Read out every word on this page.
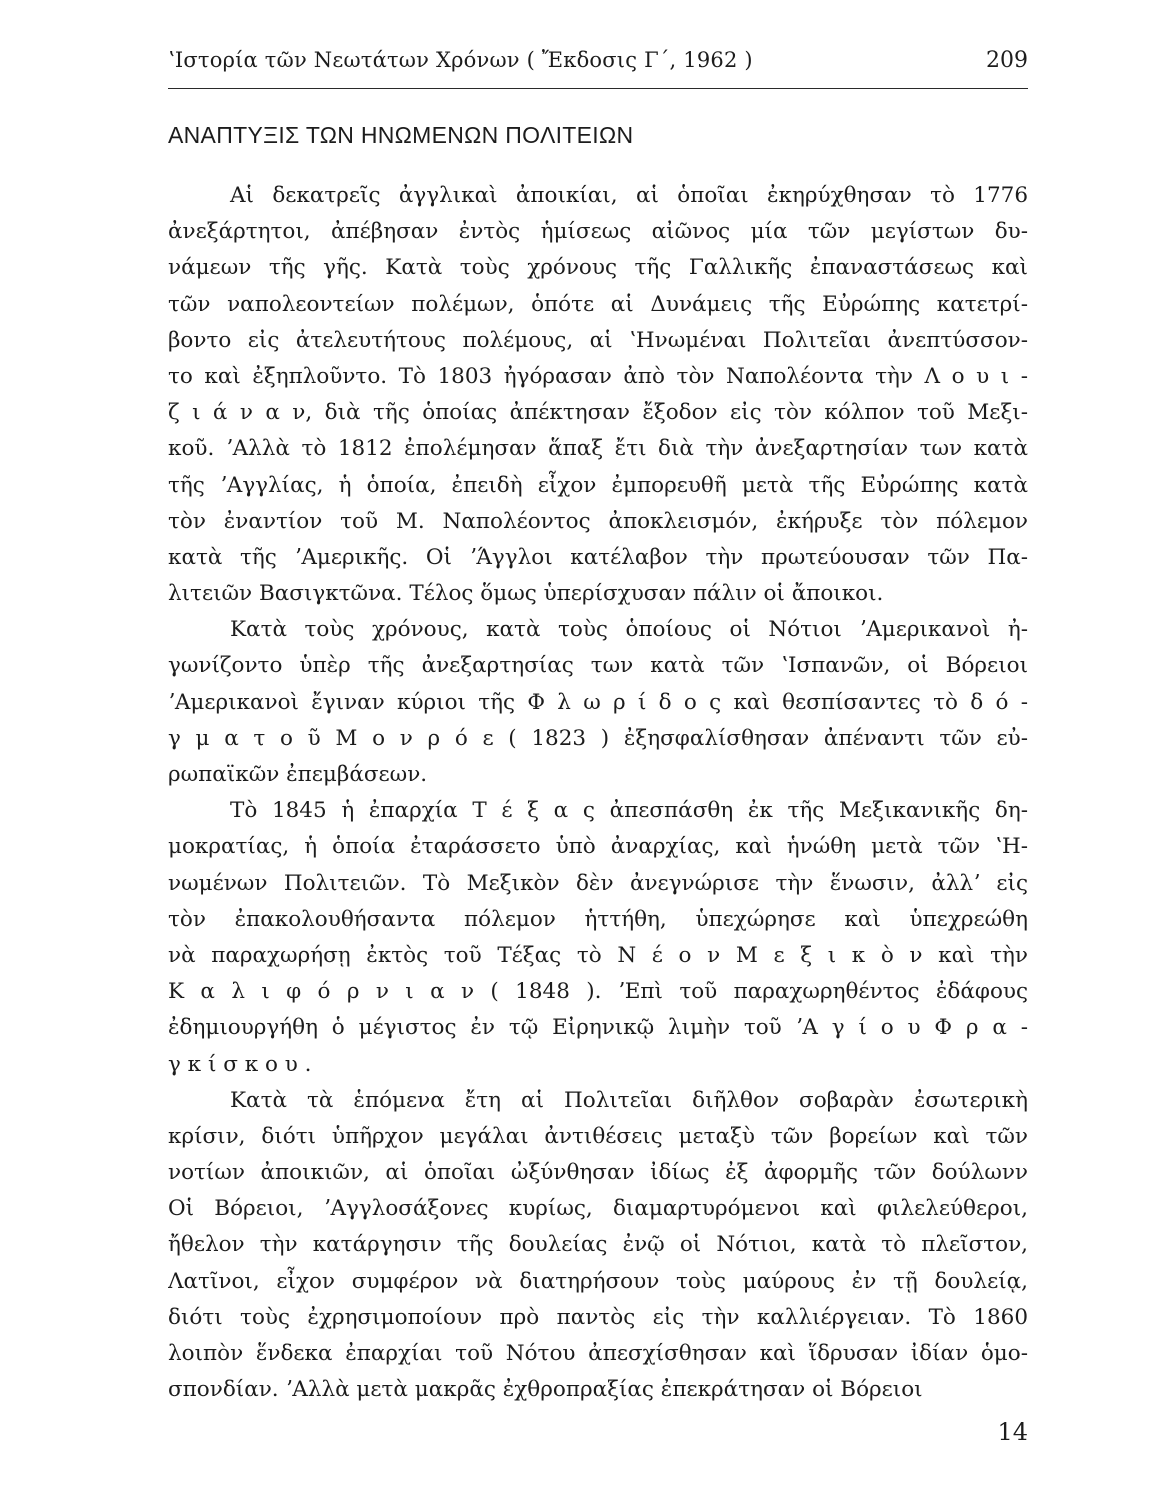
ʽΙστορία τῶν Νεωτάτων Χρόνων ( Ἔκδοσις Γ΄, 1962 )	209
ΑΝΑΠΤΥΞΙΣ ΤΩΝ ΗΝΩΜΕΝΩΝ ΠΟΛΙΤΕΙΩΝ
Αἱ δεκατρεῖς ἀγγλικαὶ ἀποικίαι, αἱ ὁποῖαι ἐκηρύχθησαν τὸ 1776
ἀνεξάρτητοι, ἀπέβησαν ἐντὸς ἡμίσεως αἰῶνος μία τῶν μεγίστων δυ-
νάμεων τῆς γῆς. Κατὰ τοὺς χρόνους τῆς Γαλλικῆς ἐπαναστάσεως καὶ
τῶν ναπολεοντείων πολέμων, ὁπότε αἱ Δυνάμεις τῆς Εὐρώπης κατετρί-
βοντο εἰς ἀτελευτήτους πολέμους, αἱ ʽΗνωμέναι Πολιτεῖαι ἀνεπτύσσον-
το καὶ ἐξηπλοῦντο. Τὸ 1803 ἠγόρασαν ἀπὸ τὸν Ναπολέοντα τὴν Λ ο υ ι -
ζ ι ά ν α ν, διὰ τῆς ὁποίας ἀπέκτησαν ἔξοδον εἰς τὸν κόλπον τοῦ Μεξι-
κοῦ. ʼΑλλὰ τὸ 1812 ἐπολέμησαν ἅπαξ ἔτι διὰ τὴν ἀνεξαρτησίαν των κατὰ
τῆς ʼΑγγλίας, ἡ ὁποία, ἐπειδὴ εἶχον ἐμπορευθῆ μετὰ τῆς Εὐρώπης κατὰ
τὸν ἐναντίον τοῦ Μ. Ναπολέοντος ἀποκλεισμόν, ἐκήρυξε τὸν πόλεμον
κατὰ τῆς ʼΑμερικῆς. Οἱ ʼΆγγλοι κατέλαβον τὴν πρωτεύουσαν τῶν Πα-
λιτειῶν Βασιγκτῶνα. Τέλος ὅμως ὑπερίσχυσαν πάλιν οἱ ἄποικοι.
Κατὰ τοὺς χρόνους, κατὰ τοὺς ὁποίους οἱ Νότιοι ʼΑμερικανοὶ ἠ-
γωνίζοντο ὑπὲρ τῆς ἀνεξαρτησίας των κατὰ τῶν ʽΙσπανῶν, οἱ Βόρειοι
ʼΑμερικανοὶ ἔγιναν κύριοι τῆς Φ λ ω ρ ί δ ο ς καὶ θεσπίσαντες τὸ δ ό -
γ μ α τ ο ῦ Μ ο ν ρ ό ε ( 1823 ) ἐξησφαλίσθησαν ἀπέναντι τῶν εὐ-
ρωπαϊκῶν ἐπεμβάσεων.
Τὸ 1845 ἡ ἐπαρχία Τ έ ξ α ς ἀπεσπάσθη ἐκ τῆς Μεξικανικῆς δη-
μοκρατίας, ἡ ὁποία ἐταράσσετο ὑπὸ ἀναρχίας, καὶ ἡνώθη μετὰ τῶν ʽΗ-
νωμένων Πολιτειῶν. Τὸ Μεξικὸν δὲν ἀνεγνώρισε τὴν ἕνωσιν, ἀλλʼ εἰς
τὸν ἐπακολουθήσαντα πόλεμον ἡττήθη, ὑπεχώρησε καὶ ὑπεχρεώθη
νὰ παραχωρήσῃ ἐκτὸς τοῦ Τέξας τὸ Ν έ ο ν Μ ε ξ ι κ ὸ ν καὶ τὴν
Κ α λ ι φ ό ρ ν ι α ν ( 1848 ). ʼΕπὶ τοῦ παραχωρηθέντος ἐδάφους
ἐδημιουργήθη ὁ μέγιστος ἐν τῷ Εἰρηνικῷ λιμὴν τοῦ ʼΑ γ ί ο υ Φ ρ α -
γ κ ί σ κ ο υ .
Κατὰ τὰ ἑπόμενα ἔτη αἱ Πολιτεῖαι διῆλθον σοβαρὰν ἐσωτερικὴ
κρίσιν, διότι ὑπῆρχον μεγάλαι ἀντιθέσεις μεταξὺ τῶν βορείων καὶ τῶν
νοτίων ἀποικιῶν, αἱ ὁποῖαι ὠξύνθησαν ἰδίως ἐξ ἀφορμῆς τῶν δούλωνν
Οἱ Βόρειοι, ʼΑγγλοσάξονες κυρίως, διαμαρτυρόμενοι καὶ φιλελεύθεροι,
ἤθελον τὴν κατάργησιν τῆς δουλείας ἐνῷ οἱ Νότιοι, κατὰ τὸ πλεῖστον,
Λατῖνοι, εἶχον συμφέρον νὰ διατηρήσουν τοὺς μαύρους ἐν τῇ δουλείᾳ,
διότι τοὺς ἐχρησιμοποίουν πρὸ παντὸς εἰς τὴν καλλιέργειαν. Τὸ 1860
λοιπὸν ἕνδεκα ἐπαρχίαι τοῦ Νότου ἀπεσχίσθησαν καὶ ἵδρυσαν ἰδίαν ὁμο-
σπονδίαν. ʼΑλλὰ μετὰ μακρᾶς ἐχθροπραξίας ἐπεκράτησαν οἱ Βόρειοι
14
